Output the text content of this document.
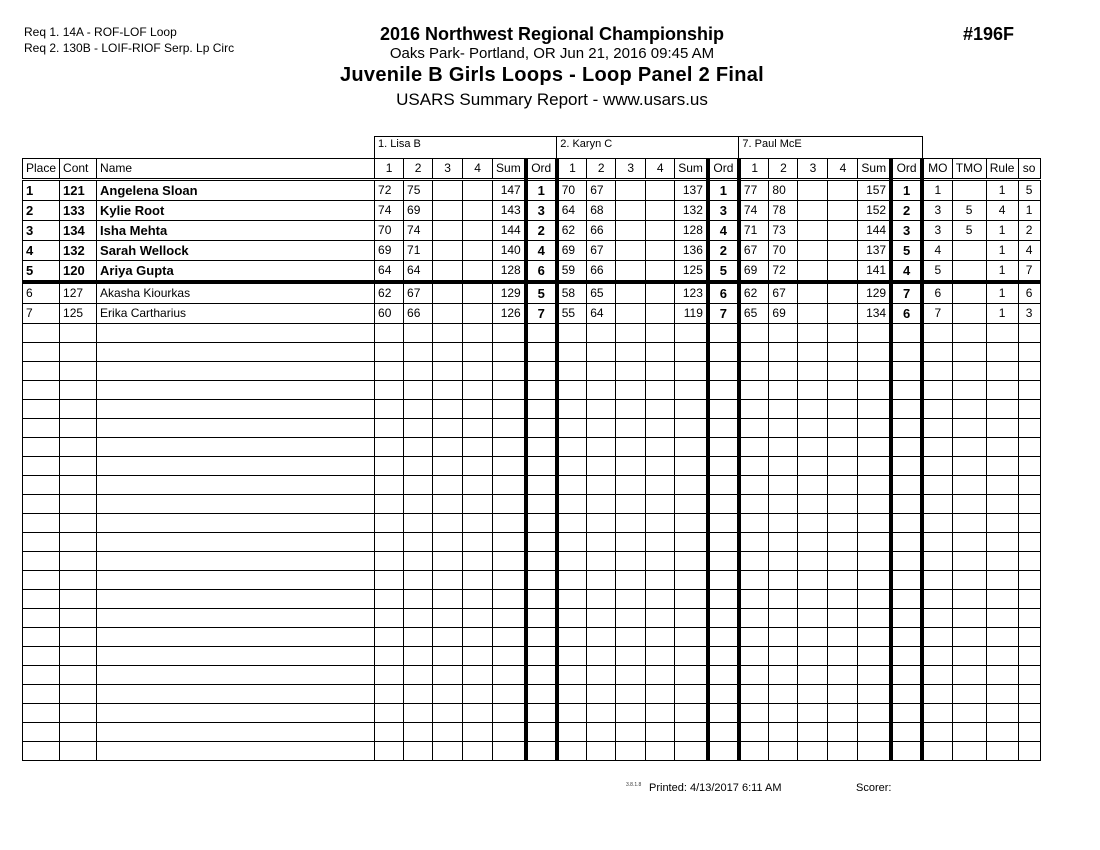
Req 1. 14A - ROF-LOF Loop
Req 2. 130B - LOIF-RIOF Serp. Lp Circ
2016 Northwest Regional Championship
Oaks Park- Portland, OR Jun 21, 2016 09:45 AM
Juvenile B Girls Loops - Loop Panel 2 Final
USARS Summary Report - www.usars.us
#196F
			1. Lisa B						2. Karyn C						7. Paul McE									
Place	Cont	Name	1	2	3	4	Sum	Ord	1	2	3	4	Sum	Ord	1	2	3	4	Sum	Ord	MO	TMO	Rule	so
1	121	Angelena Sloan	72	75			147	1	70	67			137	1	77	80			157	1	1		1	5
2	133	Kylie Root	74	69			143	3	64	68			132	3	74	78			152	2	3	5	4	1
3	134	Isha Mehta	70	74			144	2	62	66			128	4	71	73			144	3	3	5	1	2
4	132	Sarah Wellock	69	71			140	4	69	67			136	2	67	70			137	5	4		1	4
5	120	Ariya Gupta	64	64			128	6	59	66			125	5	69	72			141	4	5		1	7
6	127	Akasha Kiourkas	62	67			129	5	58	65			123	6	62	67			129	7	6		1	6
7	125	Erika Cartharius	60	66			126	7	55	64			119	7	65	69			134	6	7		1	3

3.8.1.8 Printed: 4/13/2017 6:11 AM	Scorer:
